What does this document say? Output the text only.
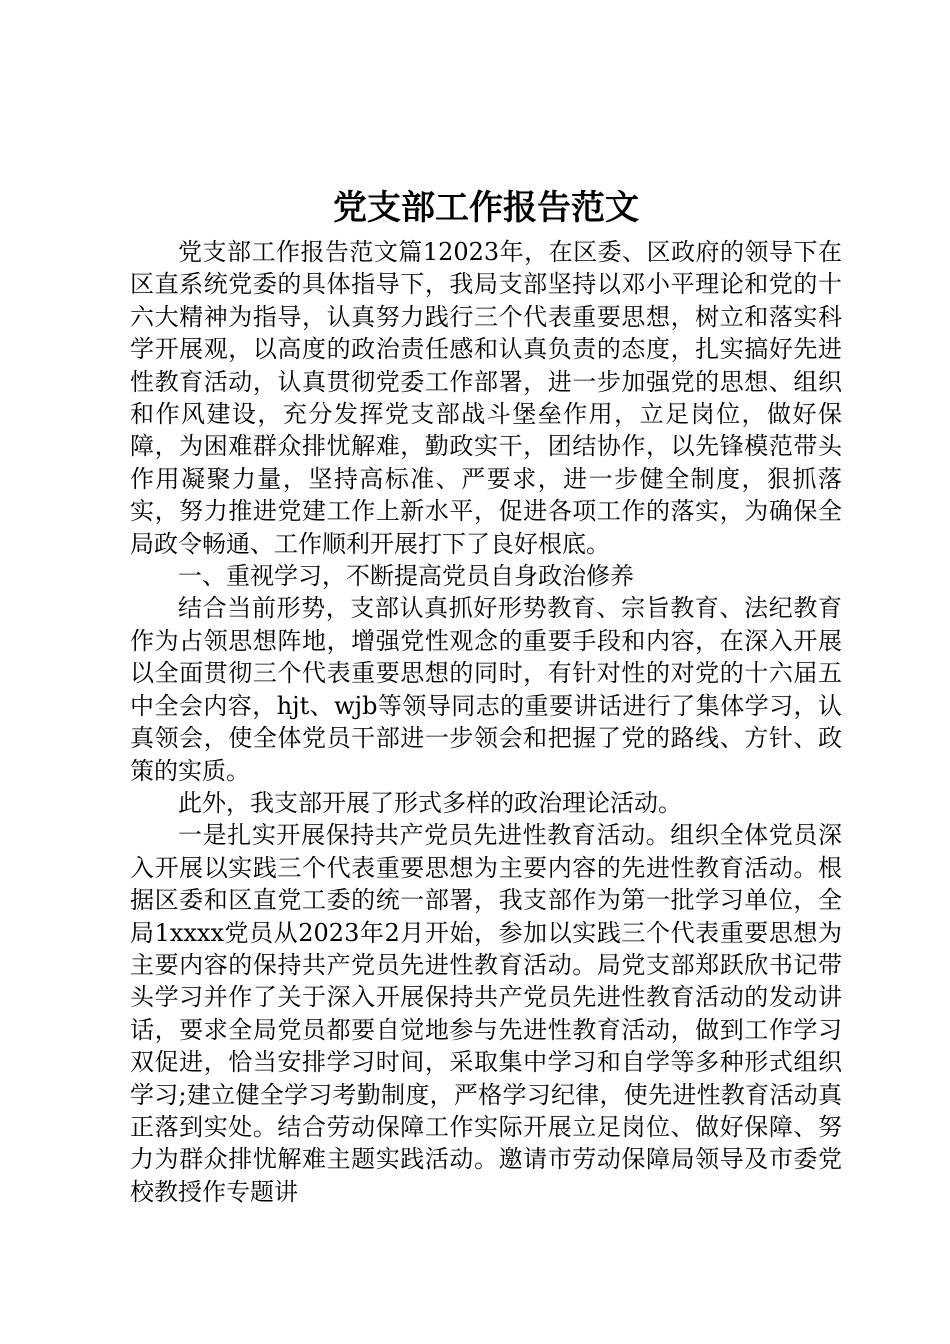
党支部工作报告范文

党支部工作报告范文篇12023年，在区委、区政府的领导下在区直系统党委的具体指导下，我局支部坚持以邓小平理论和党的十六大精神为指导，认真努力践行三个代表重要思想，树立和落实科学开展观，以高度的政治责任感和认真负责的态度，扎实搞好先进性教育活动，认真贯彻党委工作部署，进一步加强党的思想、组织和作风建设，充分发挥党支部战斗堡垒作用，立足岗位，做好保障，为困难群众排忧解难，勤政实干，团结协作，以先锋模范带头作用凝聚力量，坚持高标准、严要求，进一步健全制度，狠抓落实，努力推进党建工作上新水平，促进各项工作的落实，为确保全局政令畅通、工作顺利开展打下了良好根底。

一、重视学习，不断提高党员自身政治修养

结合当前形势，支部认真抓好形势教育、宗旨教育、法纪教育作为占领思想阵地，增强党性观念的重要手段和内容，在深入开展以全面贯彻三个代表重要思想的同时，有针对性的对党的十六届五中全会内容，hjt、wjb等领导同志的重要讲话进行了集体学习，认真领会，使全体党员干部进一步领会和把握了党的路线、方针、政策的实质。

此外，我支部开展了形式多样的政治理论活动。

一是扎实开展保持共产党员先进性教育活动。组织全体党员深入开展以实践三个代表重要思想为主要内容的先进性教育活动。根据区委和区直党工委的统一部署，我支部作为第一批学习单位，全局1xxxx党员从2023年2月开始，参加以实践三个代表重要思想为主要内容的保持共产党员先进性教育活动。局党支部郑跃欣书记带头学习并作了关于深入开展保持共产党员先进性教育活动的发动讲话，要求全局党员都要自觉地参与先进性教育活动，做到工作学习双促进，恰当安排学习时间，采取集中学习和自学等多种形式组织学习;建立健全学习考勤制度，严格学习纪律，使先进性教育活动真正落到实处。结合劳动保障工作实际开展立足岗位、做好保障、努力为群众排忧解难主题实践活动。邀请市劳动保障局领导及市委党校教授作专题讲
